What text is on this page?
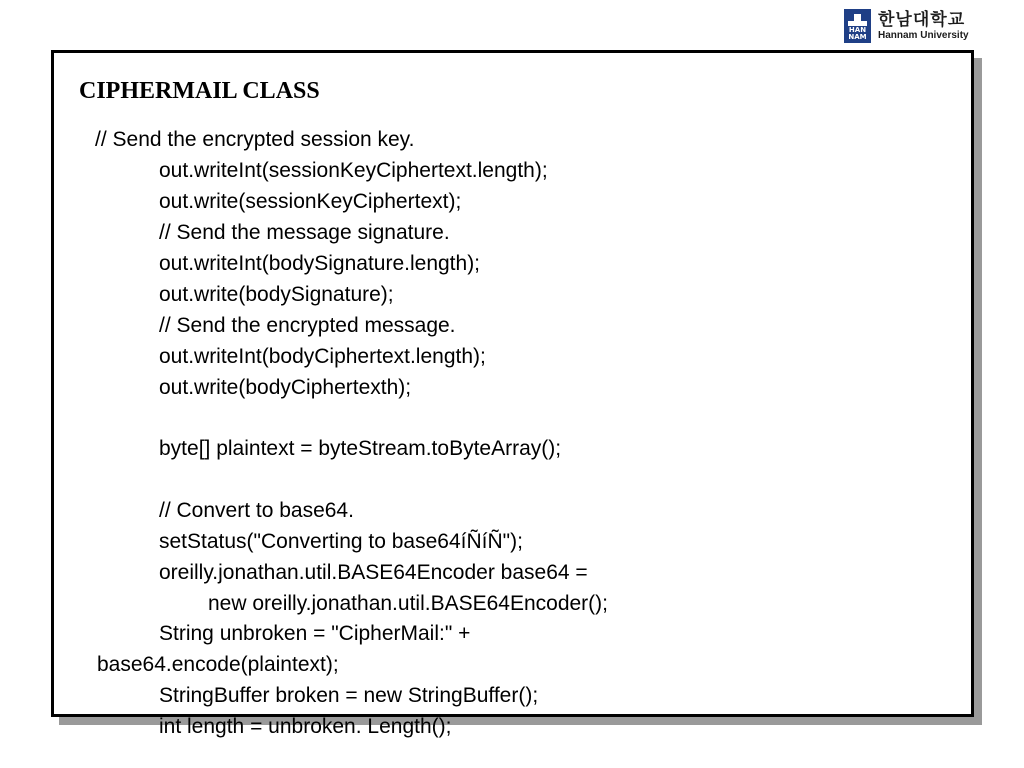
HAN NAM
한남대학교
Hannam University
CIPHERMAIL CLASS
// Send the encrypted session key.
out.writeInt(sessionKeyCiphertext.length);
out.write(sessionKeyCiphertext);
// Send the message signature.
out.writeInt(bodySignature.length);
out.write(bodySignature);
// Send the encrypted message.
out.writeInt(bodyCiphertext.length);
out.write(bodyCiphertexth);
byte[] plaintext = byteStream.toByteArray();
// Convert to base64.
setStatus("Converting to base64íÑíÑ");
oreilly.jonathan.util.BASE64Encoder base64 =
new oreilly.jonathan.util.BASE64Encoder();
String unbroken = "CipherMail:" +
base64.encode(plaintext);
StringBuffer broken = new StringBuffer();
int length = unbroken. Length();
